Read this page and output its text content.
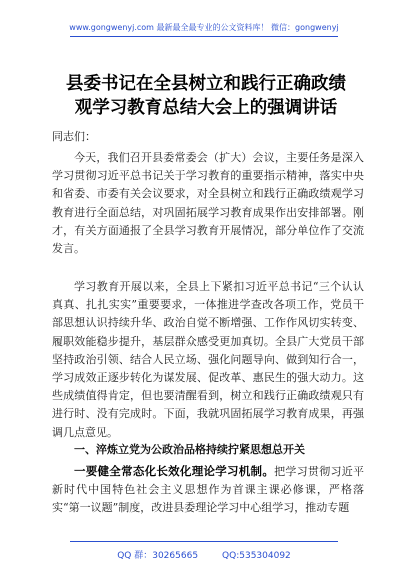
www.gongwenyj.com 最新最全最专业的公文资料库！ 微信：gongwenyj
县委书记在全县树立和践行正确政绩观学习教育总结大会上的强调讲话
同志们：
今天，我们召开县委常委会（扩大）会议，主要任务是深入学习贯彻习近平总书记关于学习教育的重要指示精神，落实中央和省委、市委有关会议要求，对全县树立和践行正确政绩观学习教育进行全面总结，对巩固拓展学习教育成果作出安排部署。刚才，有关方面通报了全县学习教育开展情况，部分单位作了交流发言。
学习教育开展以来，全县上下紧扣习近平总书记“三个认认真真、扎扎实实”重要要求，一体推进学查改各项工作，党员干部思想认识持续升华、政治自觉不断增强、工作作风切实转变、履职效能稳步提升，基层群众感受更加真切。全县广大党员干部坚持政治引领、结合人民立场、强化问题导向、做到知行合一，学习成效正逐步转化为谋发展、促改革、惠民生的强大动力。这些成绩值得肯定，但也要清醒看到，树立和践行正确政绩观只有进行时、没有完成时。下面，我就巩固拓展学习教育成果，再强调几点意见。
一、淬炼立党为公政治品格持续拧紧思想总开关
一要健全常态化长效化理论学习机制。把学习贯彻习近平新时代中国特色社会主义思想作为首课主课必修课，严格落实“第一议题”制度，改进县委理论学习中心组学习，推动专题
QQ 群：30265665	QQ:535304092
